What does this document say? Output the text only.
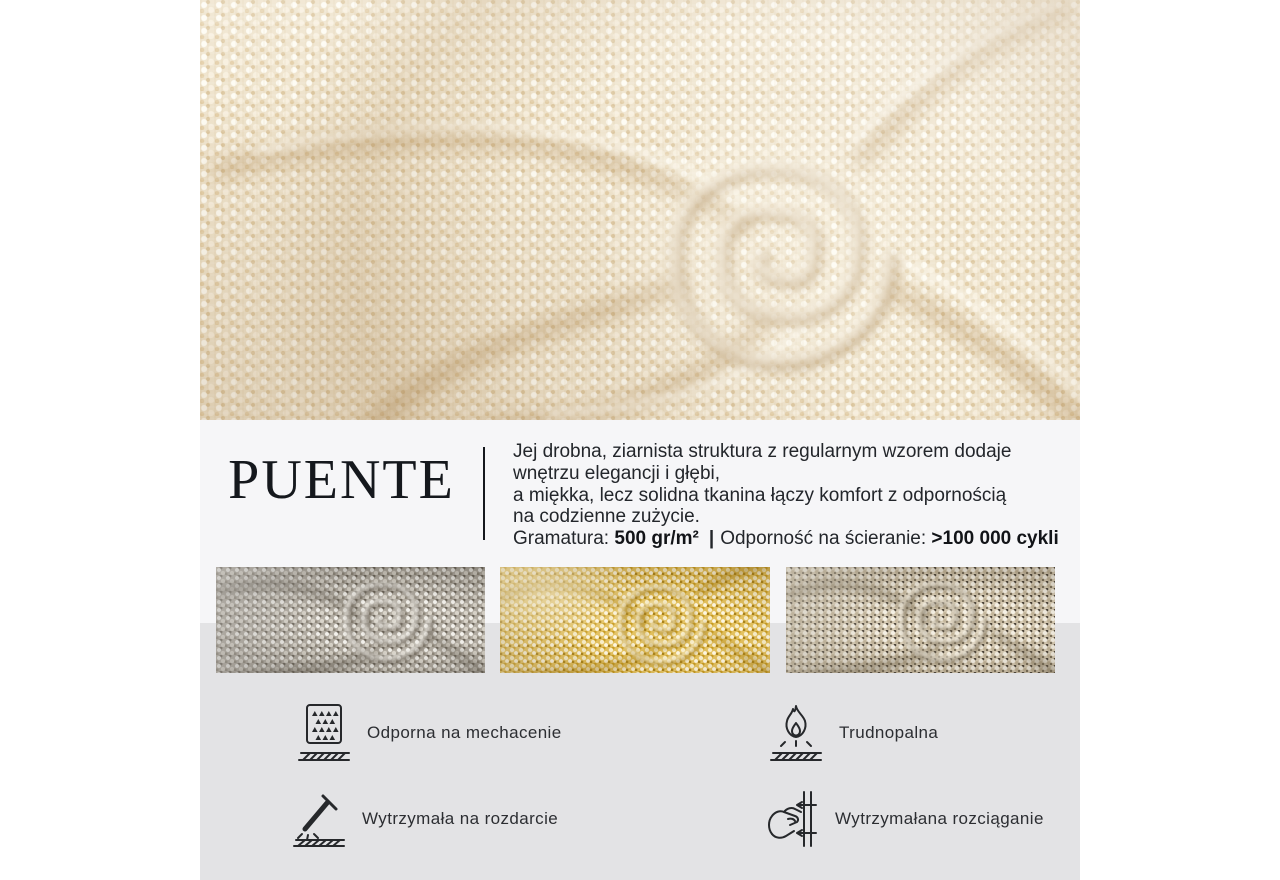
PUENTE	Jej drobna, ziarnista struktura z regularnym wzorem dodaje
wnętrzu elegancji i głębi,
a miękka, lecz solidna tkanina łączy komfort z odpornością
na codzienne zużycie.
Gramatura: 500 gr/m² | Odporność na ścieranie: >100 000 cykli
Odporna na mechacenie	Trudnopalna
Wytrzymała na rozdarcie	Wytrzymałana rozciąganie
